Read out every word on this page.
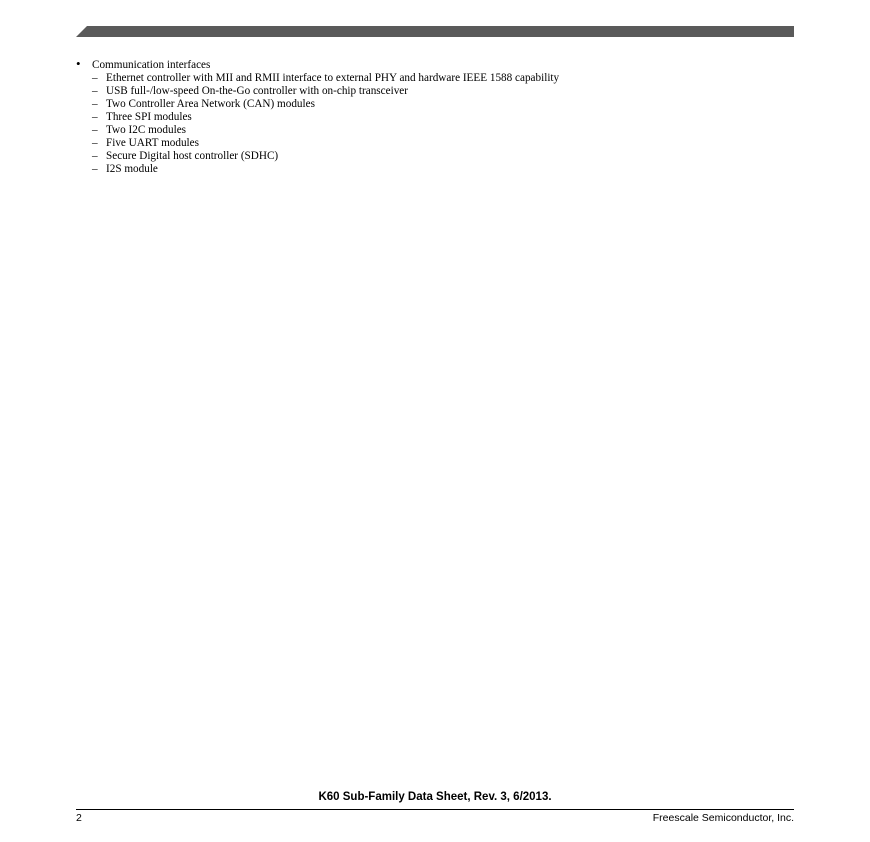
•	Communication interfaces
– Ethernet controller with MII and RMII interface to external PHY and hardware IEEE 1588 capability
– USB full-/low-speed On-the-Go controller with on-chip transceiver
– Two Controller Area Network (CAN) modules
– Three SPI modules
– Two I2C modules
– Five UART modules
– Secure Digital host controller (SDHC)
– I2S module
K60 Sub-Family Data Sheet, Rev. 3, 6/2013.
2	Freescale Semiconductor, Inc.
